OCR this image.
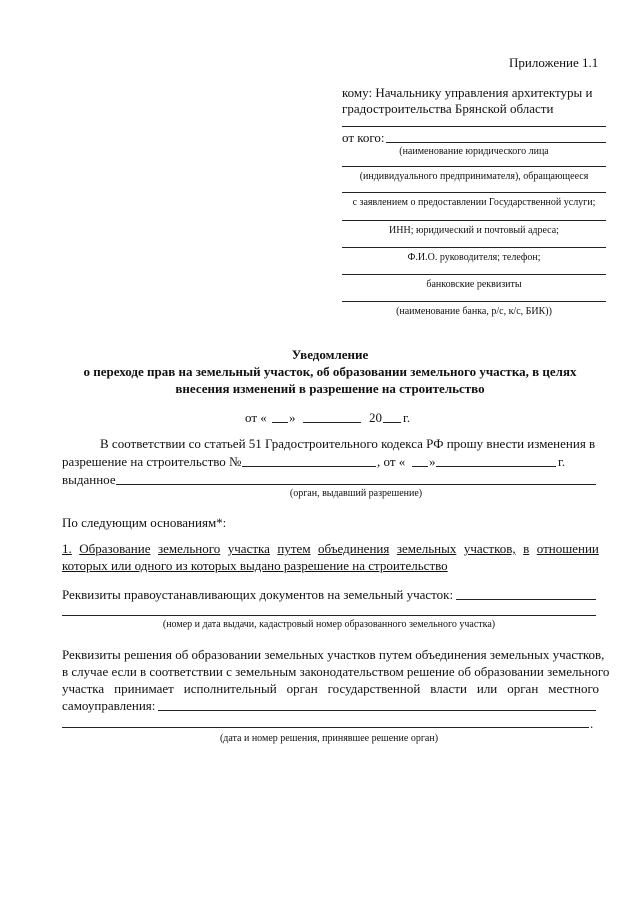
Приложение 1.1
кому: Начальнику управления архитектуры и
градостроительства Брянской области
от кого:
(наименование юридического лица
(индивидуального предпринимателя), обращающееся
с заявлением о предоставлении Государственной услуги;
ИНН; юридический и почтовый адреса;
Ф.И.О. руководителя; телефон;
банковские реквизиты
(наименование банка, р/с, к/с, БИК))
Уведомление
о переходе прав на земельный участок, об образовании земельного участка, в целях
внесения изменений в разрешение на строительство
от « »	20 г.
В соответствии со статьей 51 Градостроительного кодекса РФ прошу внести изменения в
разрешение на строительство №	, от « »	г.
выданное
(орган, выдавший разрешение)
По следующим основаниям*:
1. Образование земельного участка путем объединения земельных участков, в отношении
которых или одного из которых выдано разрешение на строительство
Реквизиты правоустанавливающих документов на земельный участок:
(номер и дата выдачи, кадастровый номер образованного земельного участка)
Реквизиты решения об образовании земельных участков путем объединения земельных участков,
в случае если в соответствии с земельным законодательством решение об образовании земельного
участка принимает исполнительный орган государственной власти или орган местного
самоуправления:
.
(дата и номер решения, принявшее решение орган)
